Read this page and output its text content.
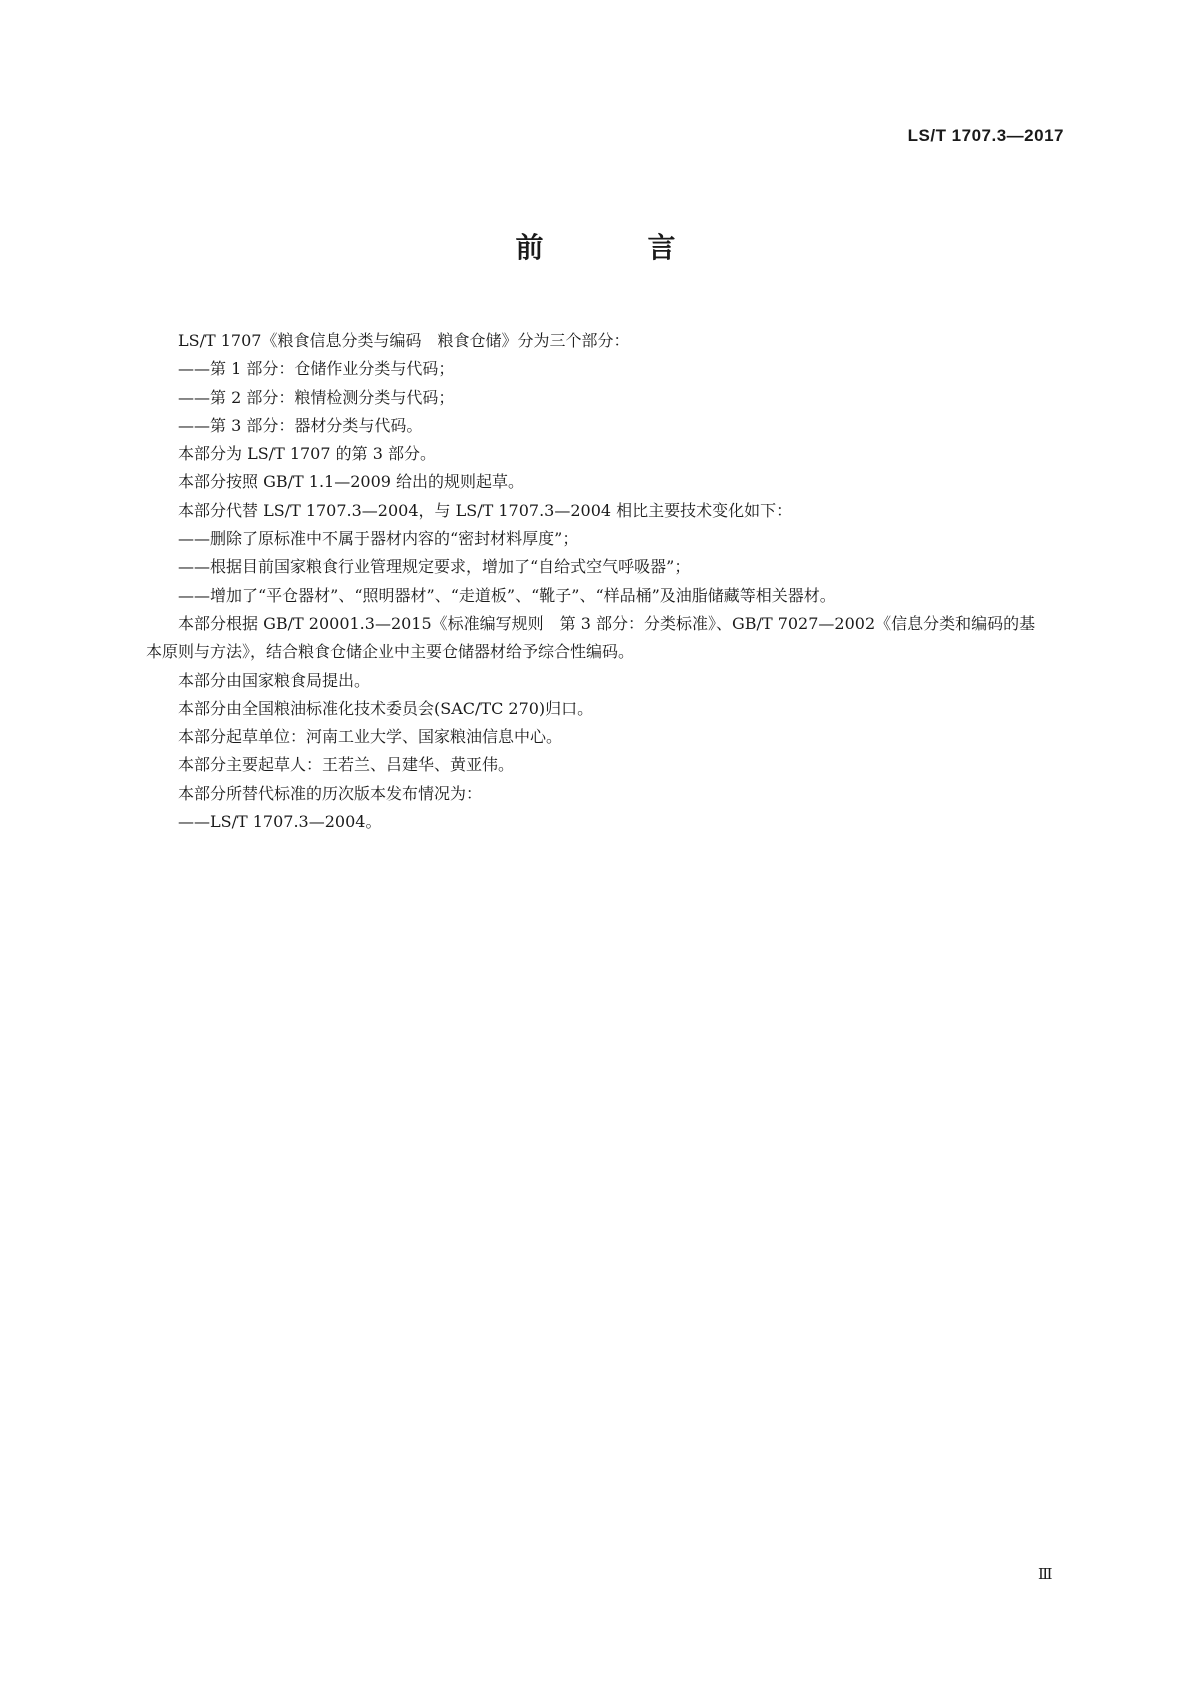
LS/T 1707.3—2017
前　言

LS/T 1707《粮食信息分类与编码　粮食仓储》分为三个部分：

——第 1 部分：仓储作业分类与代码；

——第 2 部分：粮情检测分类与代码；

——第 3 部分：器材分类与代码。

本部分为 LS/T 1707 的第 3 部分。

本部分按照 GB/T 1.1—2009 给出的规则起草。

本部分代替 LS/T 1707.3—2004，与 LS/T 1707.3—2004 相比主要技术变化如下：

——删除了原标准中不属于器材内容的“密封材料厚度”；

——根据目前国家粮食行业管理规定要求，增加了“自给式空气呼吸器”；

——增加了“平仓器材”、“照明器材”、“走道板”、“靴子”、“样品桶”及油脂储藏等相关器材。

本部分根据 GB/T 20001.3—2015《标准编写规则　第 3 部分：分类标准》、GB/T 7027—2002《信息分类和编码的基本原则与方法》，结合粮食仓储企业中主要仓储器材给予综合性编码。

本部分由国家粮食局提出。

本部分由全国粮油标准化技术委员会(SAC/TC 270)归口。

本部分起草单位：河南工业大学、国家粮油信息中心。

本部分主要起草人：王若兰、吕建华、黄亚伟。

本部分所替代标准的历次版本发布情况为：

——LS/T 1707.3—2004。

Ⅲ
